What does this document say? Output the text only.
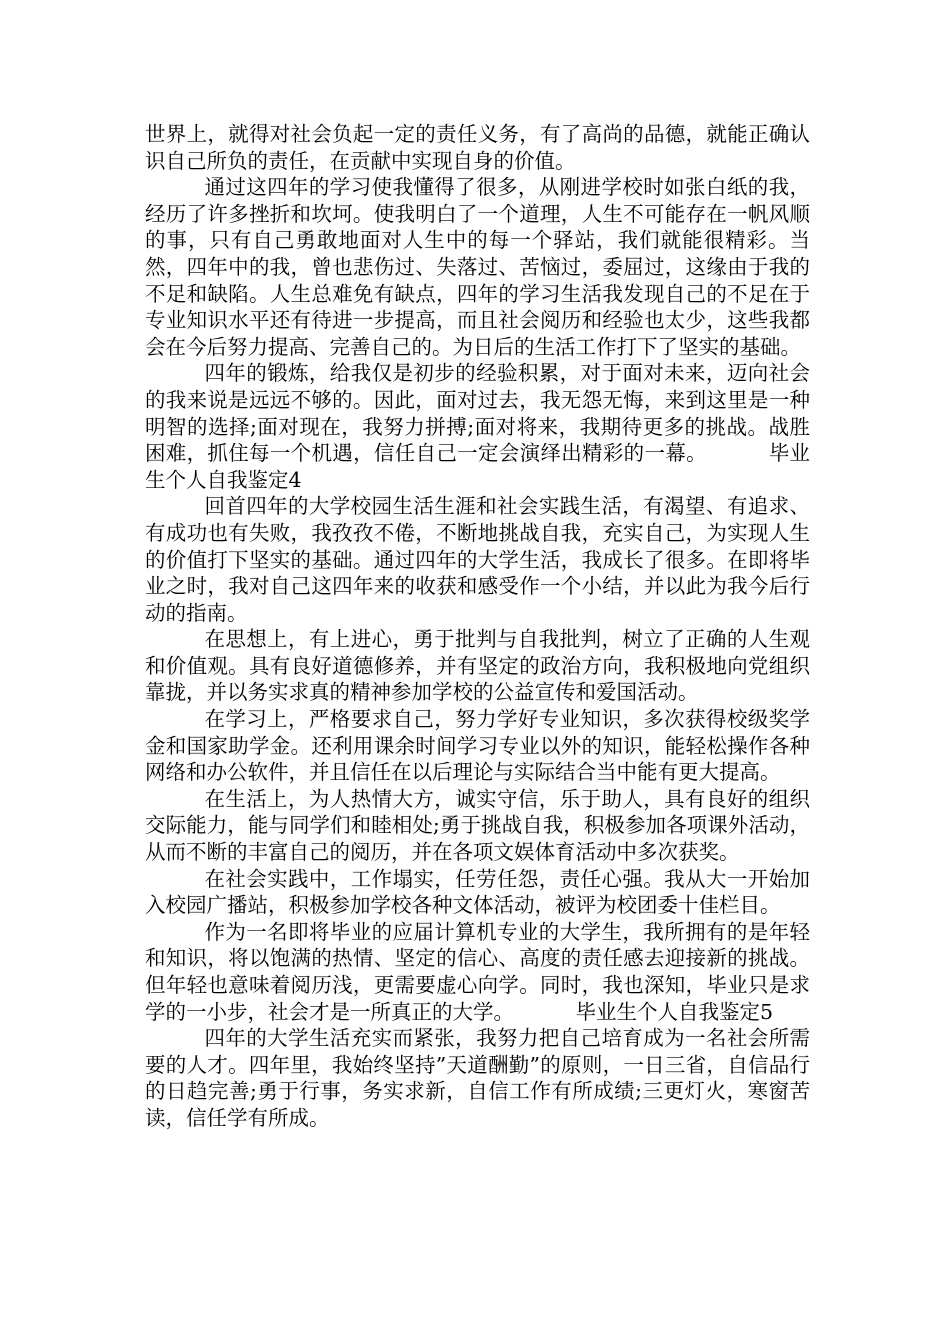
世界上，就得对社会负起一定的责任义务，有了高尚的品德，就能正确认识自己所负的责任，在贡献中实现自身的价值。

通过这四年的学习使我懂得了很多，从刚进学校时如张白纸的我，经历了许多挫折和坎坷。使我明白了一个道理，人生不可能存在一帆风顺的事，只有自己勇敢地面对人生中的每一个驿站，我们就能很精彩。当然，四年中的我，曾也悲伤过、失落过、苦恼过，委屈过，这缘由于我的不足和缺陷。人生总难免有缺点，四年的学习生活我发现自己的不足在于专业知识水平还有待进一步提高，而且社会阅历和经验也太少，这些我都会在今后努力提高、完善自己的。为日后的生活工作打下了坚实的基础。

四年的锻炼，给我仅是初步的经验积累，对于面对未来，迈向社会的我来说是远远不够的。因此，面对过去，我无怨无悔，来到这里是一种明智的选择;面对现在，我努力拼搏;面对将来，我期待更多的挑战。战胜困难，抓住每一个机遇，信任自己一定会演绎出精彩的一幕。	毕业生个人自我鉴定4

回首四年的大学校园生活生涯和社会实践生活，有渴望、有追求、有成功也有失败，我孜孜不倦，不断地挑战自我，充实自己，为实现人生的价值打下坚实的基础。通过四年的大学生活，我成长了很多。在即将毕业之时，我对自己这四年来的收获和感受作一个小结，并以此为我今后行动的指南。

在思想上，有上进心，勇于批判与自我批判，树立了正确的人生观和价值观。具有良好道德修养，并有坚定的政治方向，我积极地向党组织靠拢，并以务实求真的精神参加学校的公益宣传和爱国活动。

在学习上，严格要求自己，努力学好专业知识，多次获得校级奖学金和国家助学金。还利用课余时间学习专业以外的知识，能轻松操作各种网络和办公软件，并且信任在以后理论与实际结合当中能有更大提高。

在生活上，为人热情大方，诚实守信，乐于助人，具有良好的组织交际能力，能与同学们和睦相处;勇于挑战自我，积极参加各项课外活动，从而不断的丰富自己的阅历，并在各项文娱体育活动中多次获奖。

在社会实践中，工作塌实，任劳任怨，责任心强。我从大一开始加入校园广播站，积极参加学校各种文体活动，被评为校团委十佳栏目。

作为一名即将毕业的应届计算机专业的大学生，我所拥有的是年轻和知识，将以饱满的热情、坚定的信心、高度的责任感去迎接新的挑战。但年轻也意味着阅历浅，更需要虚心向学。同时，我也深知，毕业只是求学的一小步，社会才是一所真正的大学。	毕业生个人自我鉴定5

四年的大学生活充实而紧张，我努力把自己培育成为一名社会所需要的人才。四年里，我始终坚持”天道酬勤”的原则，一日三省，自信品行的日趋完善;勇于行事，务实求新，自信工作有所成绩;三更灯火，寒窗苦读，信任学有所成。
